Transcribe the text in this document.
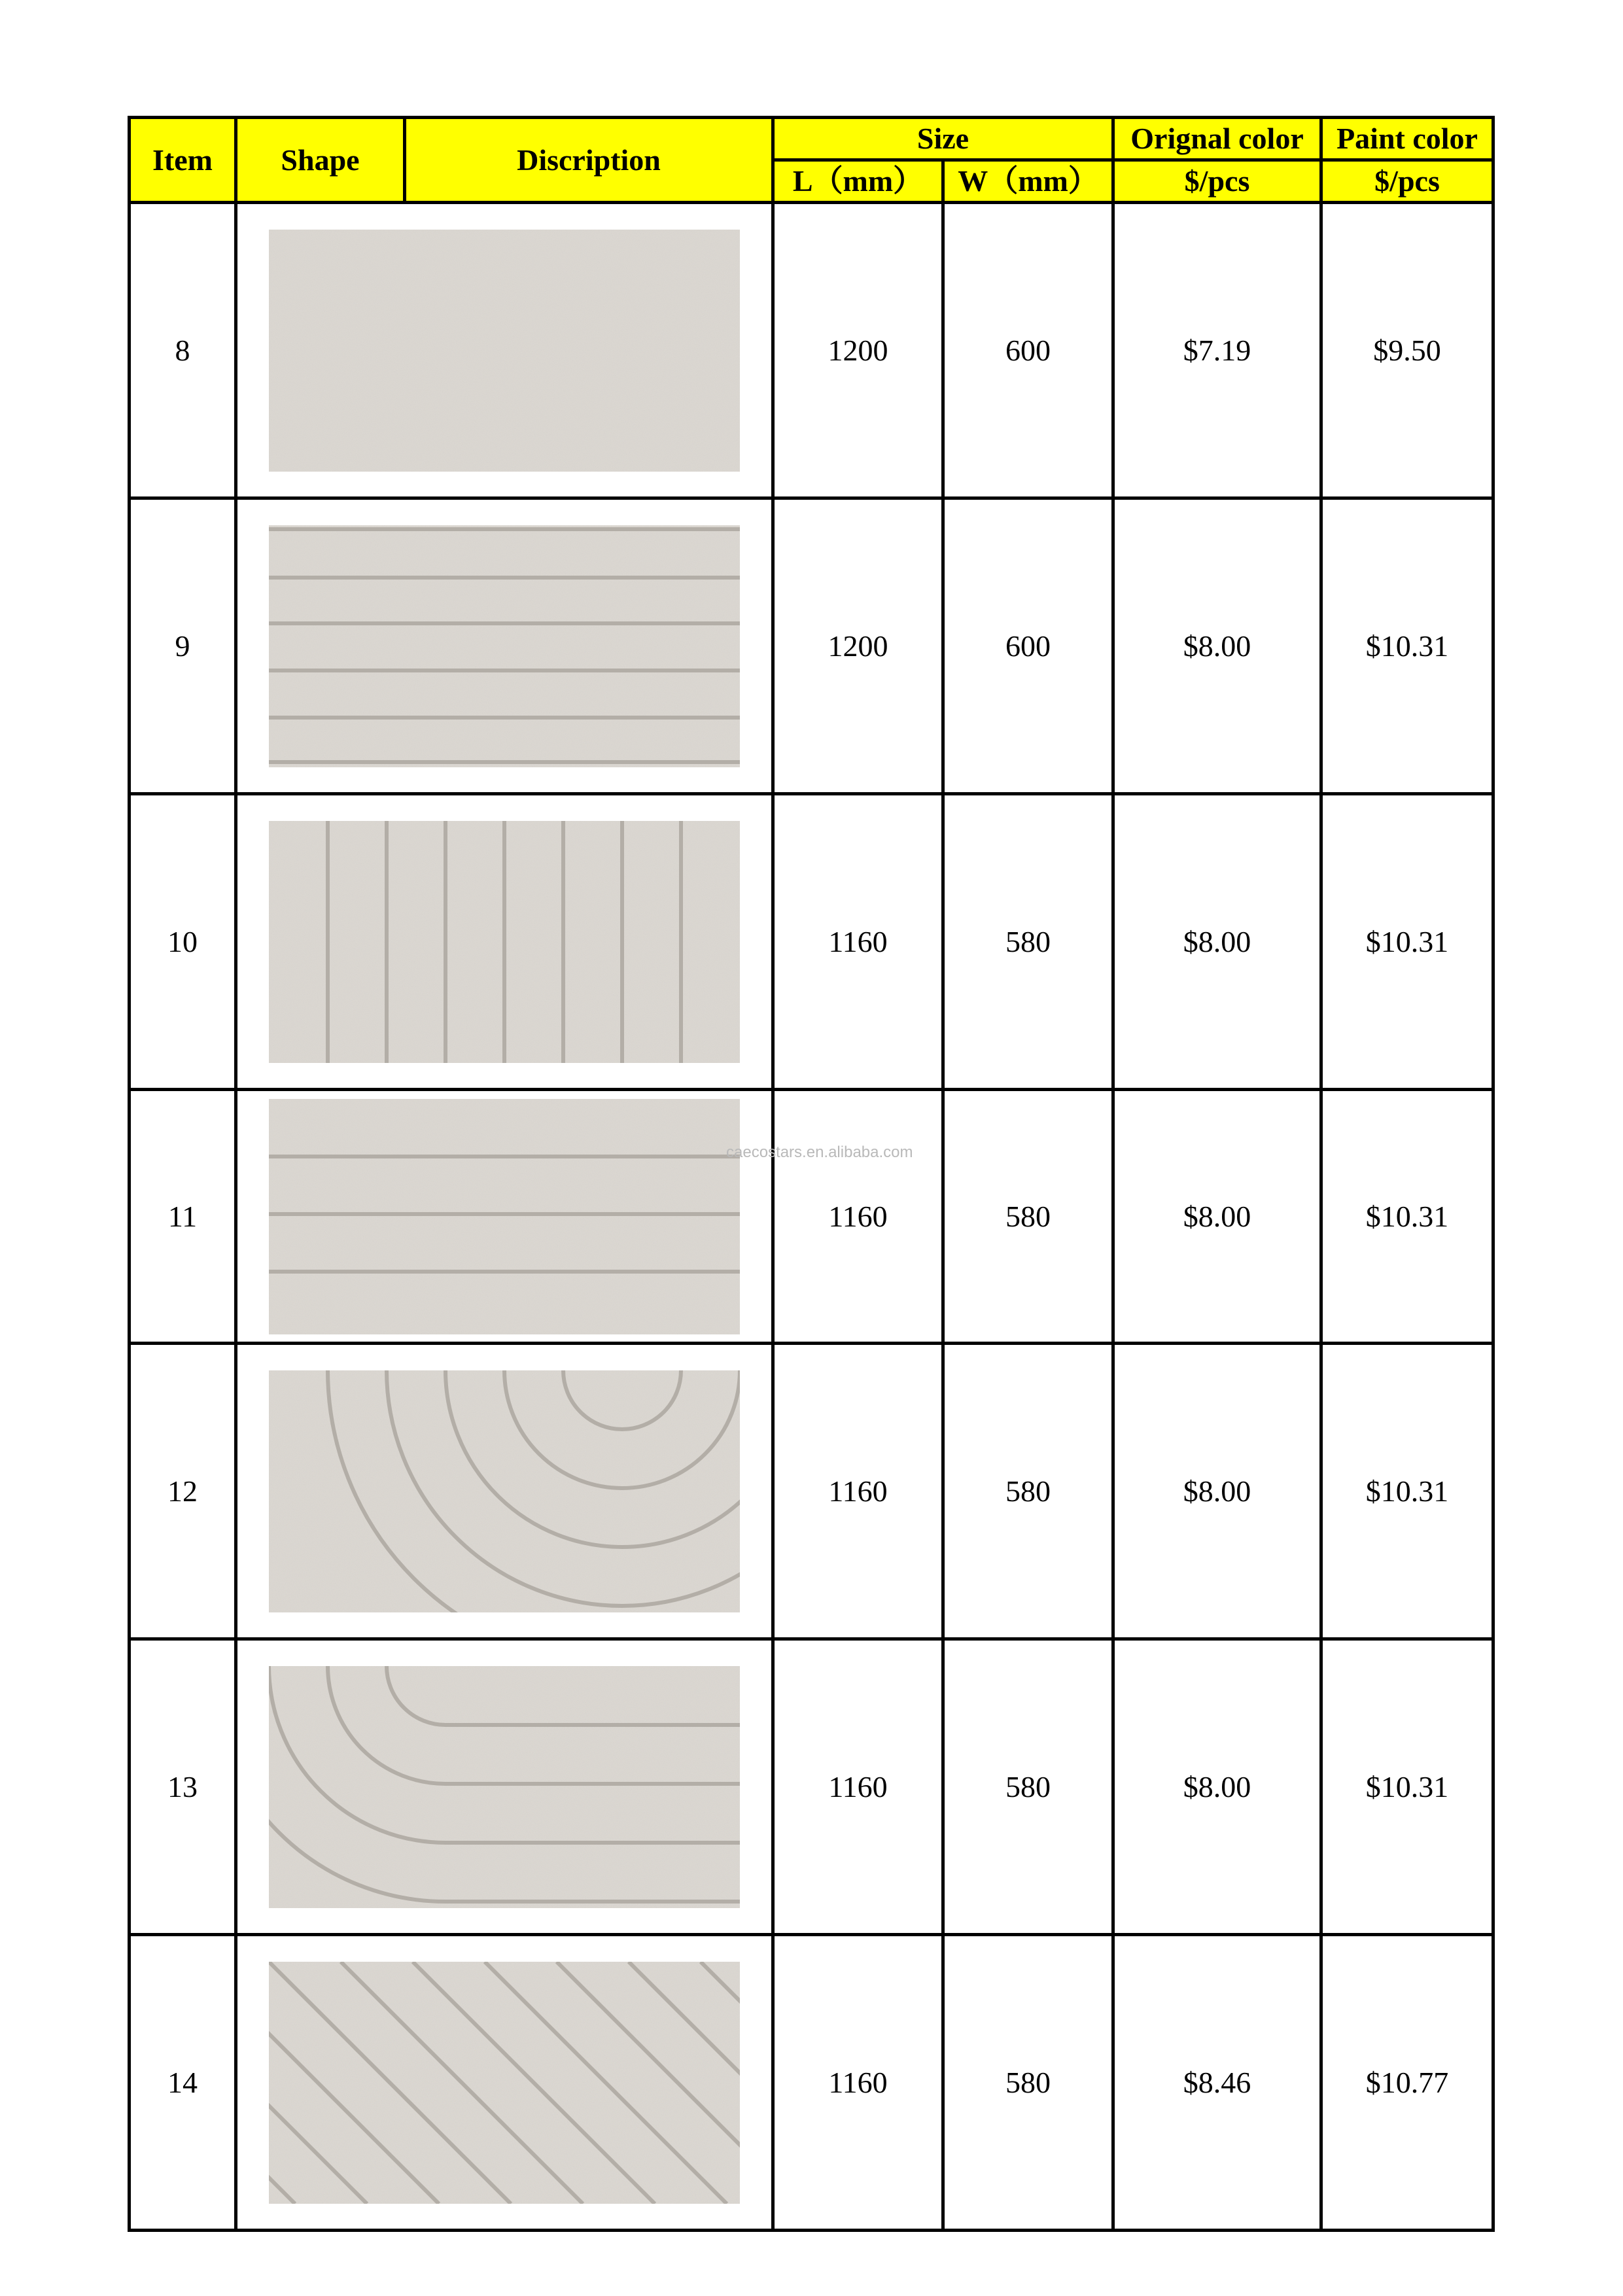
Item	Shape	Discription	Size		Orignal color	Paint color
			L（mm）	W（mm）	$/pcs	$/pcs
8			1200	600	$7.19	$9.50
9			1200	600	$8.00	$10.31
10			1160	580	$8.00	$10.31
11			1160	580	$8.00	$10.31
12			1160	580	$8.00	$10.31
13			1160	580	$8.00	$10.31
14			1160	580	$8.46	$10.77
caecostars.en.alibaba.com
